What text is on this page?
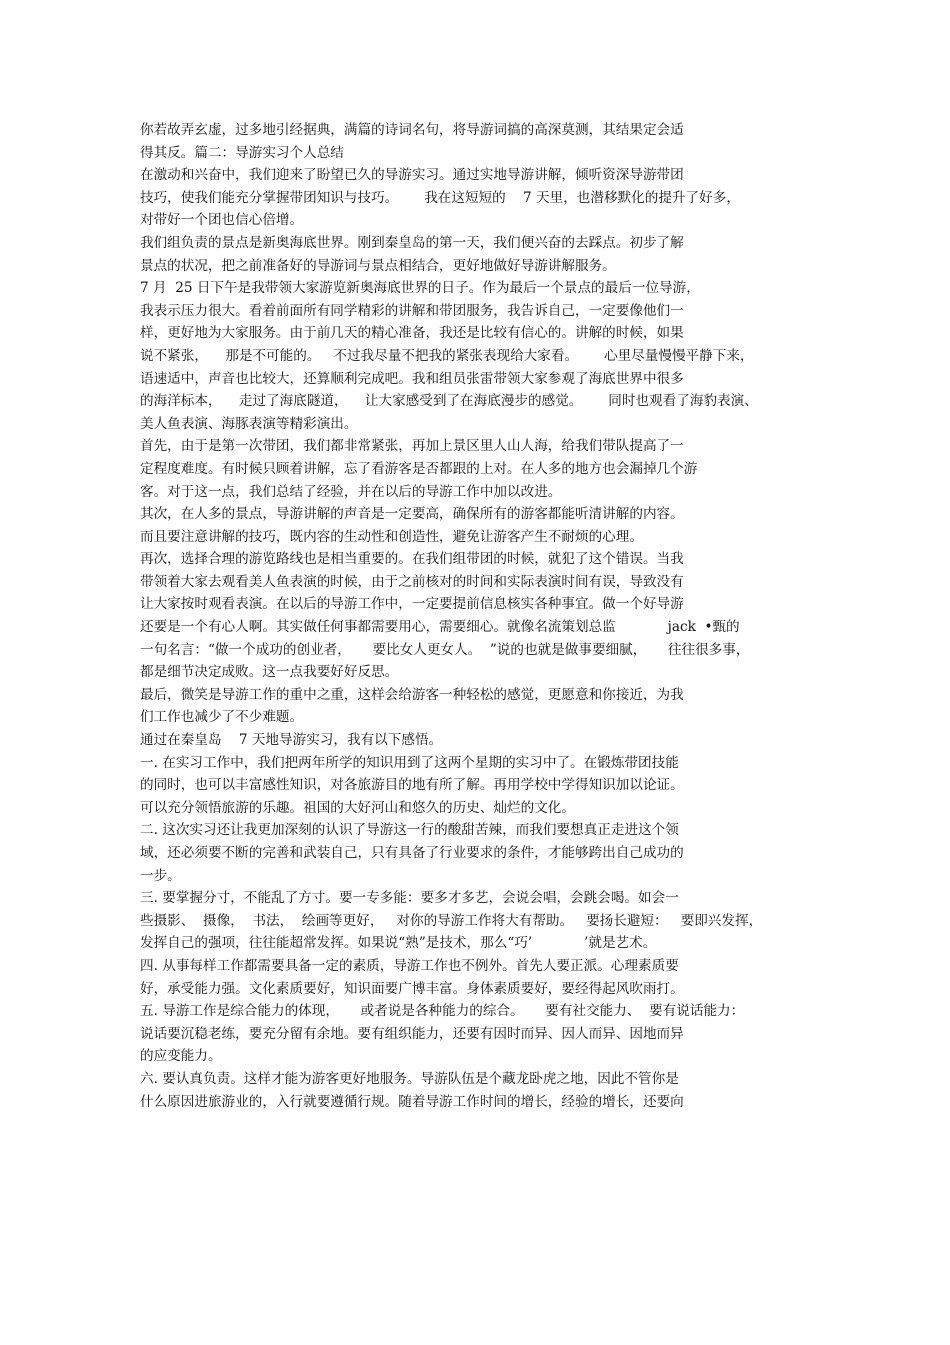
你若故弄玄虚，过多地引经据典，满篇的诗词名句，将导游词搞的高深莫测，其结果定会适
得其反。篇二：导游实习个人总结
在激动和兴奋中，我们迎来了盼望已久的导游实习。通过实地导游讲解，倾听资深导游带团
技巧，使我们能充分掌握带团知识与技巧。      我在这短短的    7 天里，也潜移默化的提升了好多，
对带好一个团也信心倍增。
我们组负责的景点是新奥海底世界。刚到秦皇岛的第一天，我们便兴奋的去踩点。初步了解
景点的状况，把之前准备好的导游词与景点相结合，更好地做好导游讲解服务。
7 月  25 日下午是我带领大家游览新奥海底世界的日子。作为最后一个景点的最后一位导游，
我表示压力很大。看着前面所有同学精彩的讲解和带团服务，我告诉自己，一定要像他们一
样，更好地为大家服务。由于前几天的精心准备，我还是比较有信心的。讲解的时候，如果
说不紧张，    那是不可能的。   不过我尽量不把我的紧张表现给大家看。      心里尽量慢慢平静下来，
语速适中，声音也比较大，还算顺利完成吧。我和组员张雷带领大家参观了海底世界中很多
的海洋标本，    走过了海底隧道，    让大家感受到了在海底漫步的感觉。      同时也观看了海豹表演、
美人鱼表演、海豚表演等精彩演出。
首先，由于是第一次带团，我们都非常紧张，再加上景区里人山人海，给我们带队提高了一
定程度难度。有时候只顾着讲解，忘了看游客是否都跟的上对。在人多的地方也会漏掉几个游
客。对于这一点，我们总结了经验，并在以后的导游工作中加以改进。
其次，在人多的景点，导游讲解的声音是一定要高，确保所有的游客都能听清讲解的内容。
而且要注意讲解的技巧，既内容的生动性和创造性，避免让游客产生不耐烦的心理。
再次，选择合理的游览路线也是相当重要的。在我们组带团的时候，就犯了这个错误。当我
带领着大家去观看美人鱼表演的时候，由于之前核对的时间和实际表演时间有误，导致没有
让大家按时观看表演。在以后的导游工作中，一定要提前信息核实各种事宜。做一个好导游
还要是一个有心人啊。其实做任何事都需要用心，需要细心。就像名流策划总监            jack  •甄的
一句名言：“做一个成功的创业者，     要比女人更女人。  ”说的也就是做事要细腻，     往往很多事，
都是细节决定成败。这一点我要好好反思。
最后，微笑是导游工作的重中之重，这样会给游客一种轻松的感觉，更愿意和你接近，为我
们工作也减少了不少难题。
通过在秦皇岛    7 天地导游实习，我有以下感悟。
一. 在实习工作中，我们把两年所学的知识用到了这两个星期的实习中了。在锻炼带团技能
的同时，也可以丰富感性知识，对各旅游目的地有所了解。再用学校中学得知识加以论证。
可以充分领悟旅游的乐趣。祖国的大好河山和悠久的历史、灿烂的文化。
二. 这次实习还让我更加深刻的认识了导游这一行的酸甜苦辣，而我们要想真正走进这个领
域，还必须要不断的完善和武装自己，只有具备了行业要求的条件，才能够跨出自己成功的
一步。
三. 要掌握分寸，不能乱了方寸。要一专多能：要多才多艺，会说会唱，会跳会喝。如会一
些摄影、  摄像，  书法，  绘画等更好，   对你的导游工作将大有帮助。   要扬长避短：   要即兴发挥，
发挥自己的强项，往往能超常发挥。如果说“熟”是技术，那么“巧’            ’就是艺术。
四. 从事每样工作都需要具备一定的素质，导游工作也不例外。首先人要正派。心理素质要
好，承受能力强。文化素质要好，知识面要广博丰富。身体素质要好，要经得起风吹雨打。
五. 导游工作是综合能力的体现，     或者说是各种能力的综合。     要有社交能力、  要有说话能力：
说话要沉稳老练，要充分留有余地。要有组织能力，还要有因时而异、因人而异、因地而异
的应变能力。
六. 要认真负责。这样才能为游客更好地服务。导游队伍是个藏龙卧虎之地，因此不管你是
什么原因进旅游业的，入行就要遵循行规。随着导游工作时间的增长，经验的增长，还要向
